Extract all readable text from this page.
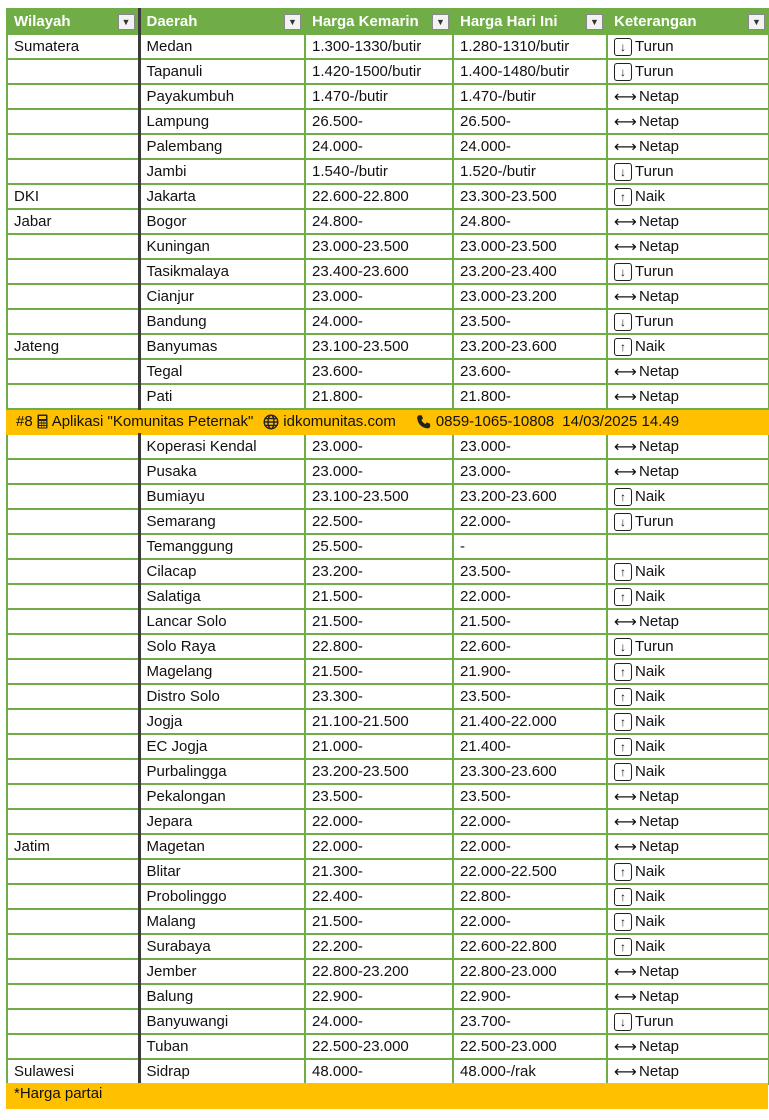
Wilayah ▼	Daerah ▼	Harga Kemarin ▼	Harga Hari Ini ▼	Keterangan ▼

Sumatera	Medan	1.300-1330/butir	1.280-1310/butir	↓ Turun

	Tapanuli	1.420-1500/butir	1.400-1480/butir	↓ Turun

	Payakumbuh	1.470-/butir	1.470-/butir	⟷ Netap

	Lampung	26.500-	26.500-	⟷ Netap

	Palembang	24.000-	24.000-	⟷ Netap

	Jambi	1.540-/butir	1.520-/butir	↓ Turun

DKI	Jakarta	22.600-22.800	23.300-23.500	↑ Naik

Jabar	Bogor	24.800-	24.800-	⟷ Netap

	Kuningan	23.000-23.500	23.000-23.500	⟷ Netap

	Tasikmalaya	23.400-23.600	23.200-23.400	↓ Turun

	Cianjur	23.000-	23.000-23.200	⟷ Netap

	Bandung	24.000-	23.500-	↓ Turun

Jateng	Banyumas	23.100-23.500	23.200-23.600	↑ Naik

	Tegal	23.600-	23.600-	⟷ Netap

	Pati	21.800-	21.800-	⟷ Netap

#8 Aplikasi "Komunitas Peternak" idkomunitas.com 0859-1065-10808 14/03/2025 14.49				

	Koperasi Kendal	23.000-	23.000-	⟷ Netap

	Pusaka	23.000-	23.000-	⟷ Netap

	Bumiayu	23.100-23.500	23.200-23.600	↑ Naik

	Semarang	22.500-	22.000-	↓ Turun

	Temanggung	25.500-	-	
	Cilacap	23.200-	23.500-	↑ Naik

	Salatiga	21.500-	22.000-	↑ Naik

	Lancar Solo	21.500-	21.500-	⟷ Netap

	Solo Raya	22.800-	22.600-	↓ Turun

	Magelang	21.500-	21.900-	↑ Naik

	Distro Solo	23.300-	23.500-	↑ Naik

	Jogja	21.100-21.500	21.400-22.000	↑ Naik

	EC Jogja	21.000-	21.400-	↑ Naik

	Purbalingga	23.200-23.500	23.300-23.600	↑ Naik

	Pekalongan	23.500-	23.500-	⟷ Netap

	Jepara	22.000-	22.000-	⟷ Netap

Jatim	Magetan	22.000-	22.000-	⟷ Netap

	Blitar	21.300-	22.000-22.500	↑ Naik

	Probolinggo	22.400-	22.800-	↑ Naik

	Malang	21.500-	22.000-	↑ Naik

	Surabaya	22.200-	22.600-22.800	↑ Naik

	Jember	22.800-23.200	22.800-23.000	⟷ Netap

	Balung	22.900-	22.900-	⟷ Netap

	Banyuwangi	24.000-	23.700-	↓ Turun

	Tuban	22.500-23.000	22.500-23.000	⟷ Netap

Sulawesi	Sidrap	48.000-	48.000-/rak	⟷ Netap
*Harga partai
